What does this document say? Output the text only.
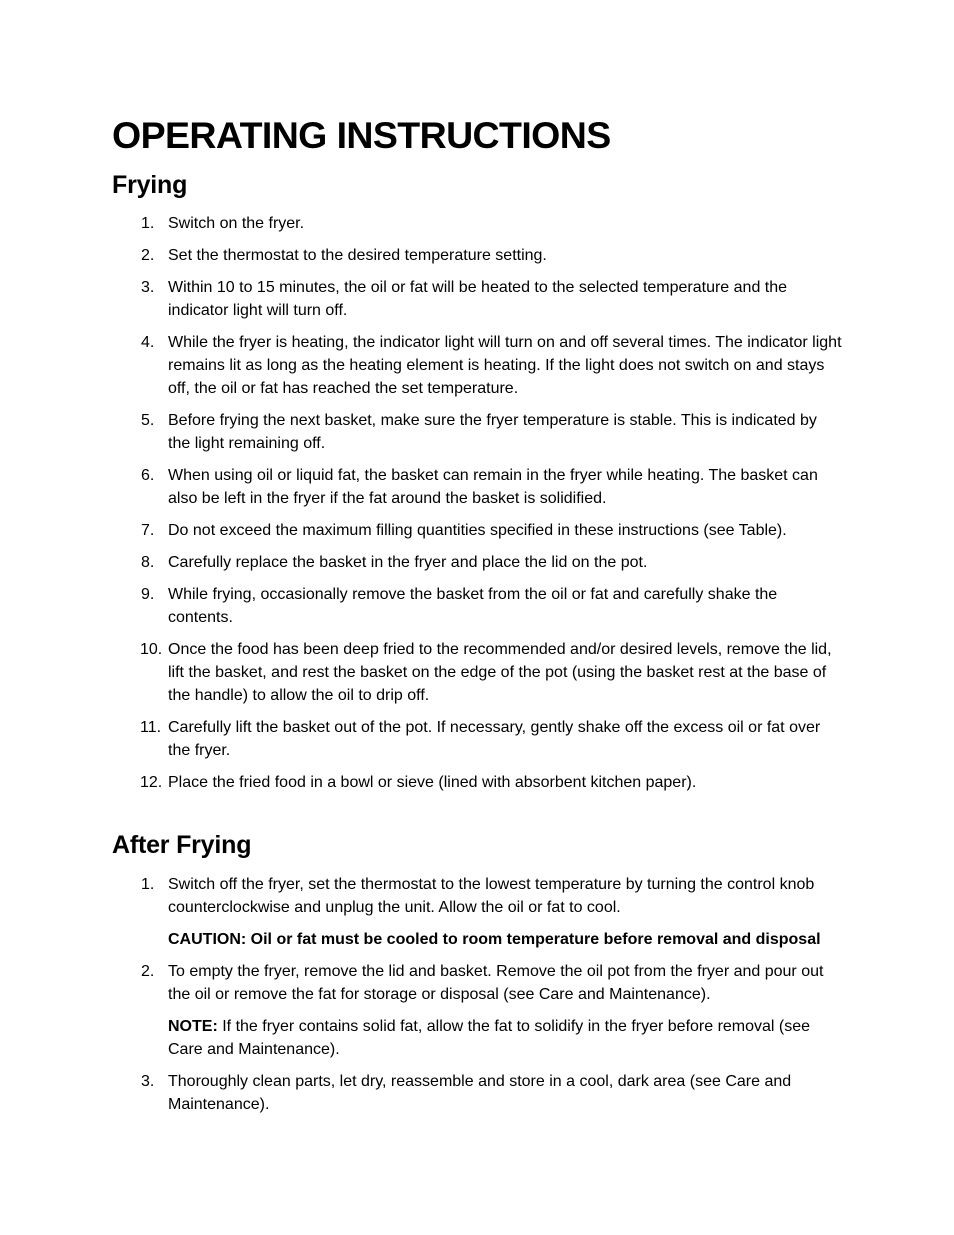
OPERATING INSTRUCTIONS
Frying
1. Switch on the fryer.
2. Set the thermostat to the desired temperature setting.
3. Within 10 to 15 minutes, the oil or fat will be heated to the selected temperature and the indicator light will turn off.
4. While the fryer is heating, the indicator light will turn on and off several times. The indicator light remains lit as long as the heating element is heating. If the light does not switch on and stays off, the oil or fat has reached the set temperature.
5. Before frying the next basket, make sure the fryer temperature is stable. This is indicated by the light remaining off.
6. When using oil or liquid fat, the basket can remain in the fryer while heating. The basket can also be left in the fryer if the fat around the basket is solidified.
7. Do not exceed the maximum filling quantities specified in these instructions (see Table).
8. Carefully replace the basket in the fryer and place the lid on the pot.
9. While frying, occasionally remove the basket from the oil or fat and carefully shake the contents.
10. Once the food has been deep fried to the recommended and/or desired levels, remove the lid, lift the basket, and rest the basket on the edge of the pot (using the basket rest at the base of the handle) to allow the oil to drip off.
11. Carefully lift the basket out of the pot. If necessary, gently shake off the excess oil or fat over the fryer.
12. Place the fried food in a bowl or sieve (lined with absorbent kitchen paper).
After Frying
1. Switch off the fryer, set the thermostat to the lowest temperature by turning the control knob counterclockwise and unplug the unit. Allow the oil or fat to cool.

CAUTION: Oil or fat must be cooled to room temperature before removal and disposal

2. To empty the fryer, remove the lid and basket. Remove the oil pot from the fryer and pour out the oil or remove the fat for storage or disposal (see Care and Maintenance).

NOTE: If the fryer contains solid fat, allow the fat to solidify in the fryer before removal (see Care and Maintenance).

3. Thoroughly clean parts, let dry, reassemble and store in a cool, dark area (see Care and Maintenance).
